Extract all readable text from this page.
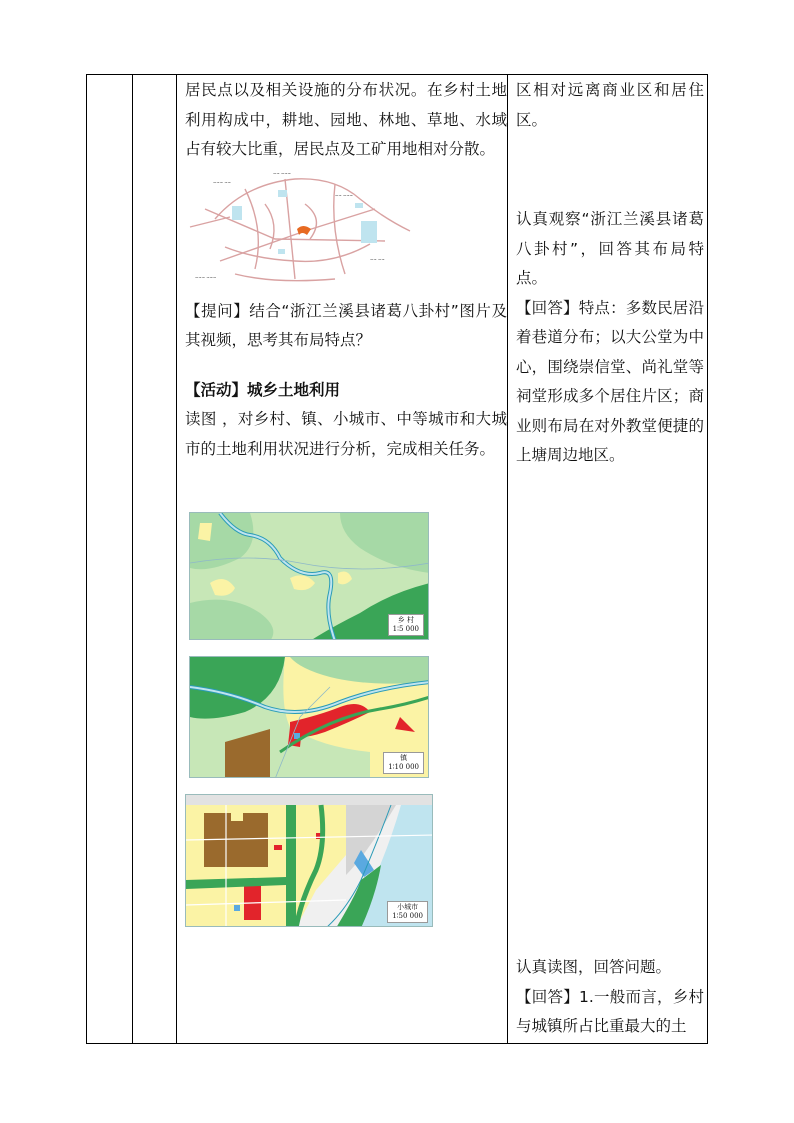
居民点以及相关设施的分布状况。在乡村土地利用构成中，耕地、园地、林地、草地、水域占有较大比重，居民点及工矿用地相对分散。

~~~ ~~
~~ ~~~
~~ ~~~
~~ ~~
~~~ ~~~

【提问】结合“浙江兰溪县诸葛八卦村”图片及其视频，思考其布局特点？

【活动】城乡土地利用

读图 ，对乡村、镇、小城市、中等城市和大城市的土地利用状况进行分析，完成相关任务。

乡 村
1∶5 000
镇
1∶10 000
小城市
1∶50 000

区相对远离商业区和居住区。

认真观察“浙江兰溪县诸葛八卦村”，回答其布局特点。

【回答】特点：多数民居沿着巷道分布；以大公堂为中心，围绕崇信堂、尚礼堂等祠堂形成多个居住片区；商业则布局在对外教堂便捷的上塘周边地区。

认真读图，回答问题。

【回答】1.一般而言，乡村与城镇所占比重最大的土
